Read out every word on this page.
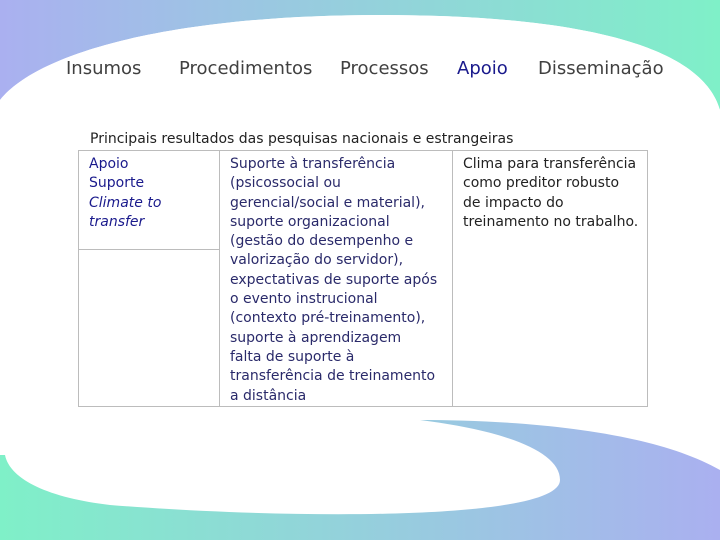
Insumos Procedimentos Processos Apoio Disseminação
Principais resultados das pesquisas nacionais e estrangeiras
Apoio
Suporte
Climate to
transfer
Suporte à transferência
(psicossocial ou
gerencial/social e material),
suporte organizacional
(gestão do desempenho e
valorização do servidor),
expectativas de suporte após
o evento instrucional
(contexto pré-treinamento),
suporte à aprendizagem
falta de suporte à
transferência de treinamento
a distância
Clima para transferência
como preditor robusto
de impacto do
treinamento no trabalho.
